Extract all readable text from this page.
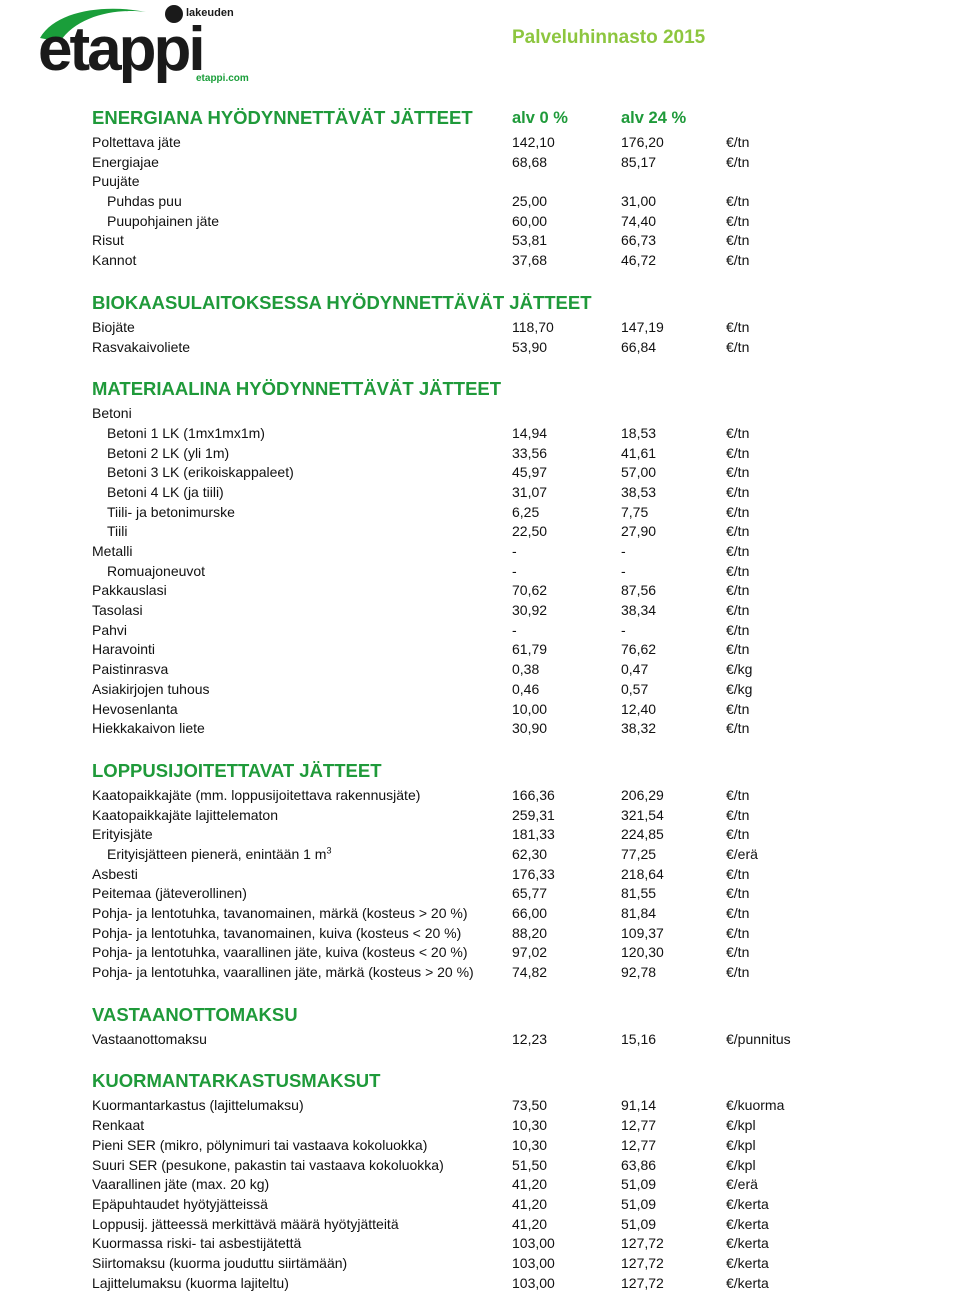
lakeuden
etappi
etappi.com
Palveluhinnasto 2015
ENERGIANA HYÖDYNNETTÄVÄT JÄTTEET alv 0 %	alv 24 %
Poltettava jäte	142,10	176,20	€/tn
Energiajae	68,68	85,17	€/tn
Puujäte
Puhdas puu	25,00	31,00	€/tn
Puupohjainen jäte	60,00	74,40	€/tn
Risut	53,81	66,73	€/tn
Kannot	37,68	46,72	€/tn
BIOKAASULAITOKSESSA HYÖDYNNETTÄVÄT JÄTTEET
Biojäte	118,70	147,19	€/tn
Rasvakaivoliete	53,90	66,84	€/tn
MATERIAALINA HYÖDYNNETTÄVÄT JÄTTEET
Betoni
Betoni 1 LK (1mx1mx1m)	14,94	18,53	€/tn
Betoni 2 LK (yli 1m)	33,56	41,61	€/tn
Betoni 3 LK (erikoiskappaleet)	45,97	57,00	€/tn
Betoni 4 LK (ja tiili)	31,07	38,53	€/tn
Tiili- ja betonimurske	6,25	7,75	€/tn
Tiili	22,50	27,90	€/tn
Metalli	-	-	€/tn
Romuajoneuvot	-	-	€/tn
Pakkauslasi	70,62	87,56	€/tn
Tasolasi	30,92	38,34	€/tn
Pahvi	-	-	€/tn
Haravointi	61,79	76,62	€/tn
Paistinrasva	0,38	0,47	€/kg
Asiakirjojen tuhous	0,46	0,57	€/kg
Hevosenlanta	10,00	12,40	€/tn
Hiekkakaivon liete	30,90	38,32	€/tn
LOPPUSIJOITETTAVAT JÄTTEET
Kaatopaikkajäte (mm. loppusijoitettava rakennusjäte)	166,36	206,29	€/tn
Kaatopaikkajäte lajittelematon	259,31	321,54	€/tn
Erityisjäte	181,33	224,85	€/tn
Erityisjätteen pienerä, enintään 1 $m^3$	62,30	77,25	€/erä
Asbesti	176,33	218,64	€/tn
Peitemaa (jäteverollinen)	65,77	81,55	€/tn
Pohja- ja lentotuhka, tavanomainen, märkä (kosteus > 20 %)	66,00	81,84	€/tn
Pohja- ja lentotuhka, tavanomainen, kuiva (kosteus < 20 %)	88,20	109,37	€/tn
Pohja- ja lentotuhka, vaarallinen jäte, kuiva (kosteus < 20 %)	97,02	120,30	€/tn
Pohja- ja lentotuhka, vaarallinen jäte, märkä (kosteus > 20 %)	74,82	92,78	€/tn
VASTAANOTTOMAKSU
Vastaanottomaksu	12,23	15,16	€/punnitus
KUORMANTARKASTUSMAKSUT
Kuormantarkastus (lajittelumaksu)	73,50	91,14	€/kuorma
Renkaat	10,30	12,77	€/kpl
Pieni SER (mikro, pölynimuri tai vastaava kokoluokka)	10,30	12,77	€/kpl
Suuri SER (pesukone, pakastin tai vastaava kokoluokka)	51,50	63,86	€/kpl
Vaarallinen jäte (max. 20 kg)	41,20	51,09	€/erä
Epäpuhtaudet hyötyjätteissä	41,20	51,09	€/kerta
Loppusij. jätteessä merkittävä määrä hyötyjätteitä	41,20	51,09	€/kerta
Kuormassa riski- tai asbestijätettä	103,00	127,72	€/kerta
Siirtomaksu (kuorma jouduttu siirtämään)	103,00	127,72	€/kerta
Lajittelumaksu (kuorma lajiteltu)	103,00	127,72	€/kerta
